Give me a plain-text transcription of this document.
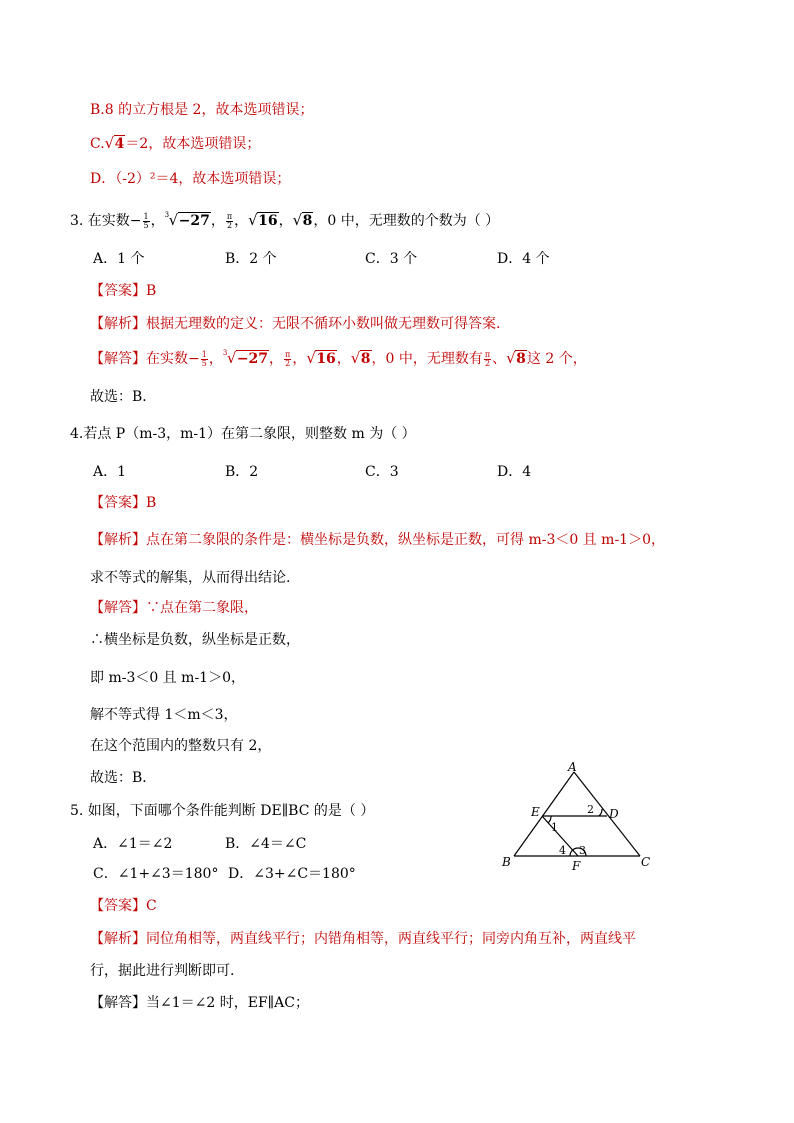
B.8 的立方根是 2，故本选项错误；
C. √ 4＝2，故本选项错误；
D．（-2）²＝4，故本选项错误；
3. 在实数− $\frac{1}{5}$ ， 3 √ −27， $\frac{\pi}{2}$ ， √ 16， √ 8，0 中，无理数的个数为（ ）
A．1 个	B．2 个	C．3 个	D．4 个
【答案】B
【解析】根据无理数的定义：无限不循环小数叫做无理数可得答案.
【解答】在实数− $\frac{1}{5}$ ， 3 √ −27， $\frac{\pi}{2}$ ， √ 16， √ 8，0 中，无理数有 $\frac{\pi}{2}$ 、 √ 8这 2 个，
故选：B．
4.若点 P（m-3，m-1）在第二象限，则整数 m 为（ ）
A．1	B．2	C．3	D．4
【答案】B
【解析】点在第二象限的条件是：横坐标是负数，纵坐标是正数，可得 m-3＜0 且 m-1＞0，
求不等式的解集，从而得出结论.
【解答】∵点在第二象限，
∴横坐标是负数，纵坐标是正数，
即 m-3＜0 且 m-1＞0，
解不等式得 1＜m＜3，
在这个范围内的整数只有 2，
故选：B．
5. 如图，下面哪个条件能判断 DE∥BC 的是（ ）
A．∠1＝∠2	B．∠4＝∠C
C．∠1+∠3＝180° D．∠3+∠C＝180°
【答案】C
【解析】同位角相等，两直线平行；内错角相等，两直线平行；同旁内角互补，两直线平
行，据此进行判断即可.
【解答】当∠1＝∠2 时，EF∥AC；
A
B	C
D
E
F
1
2
3
4
